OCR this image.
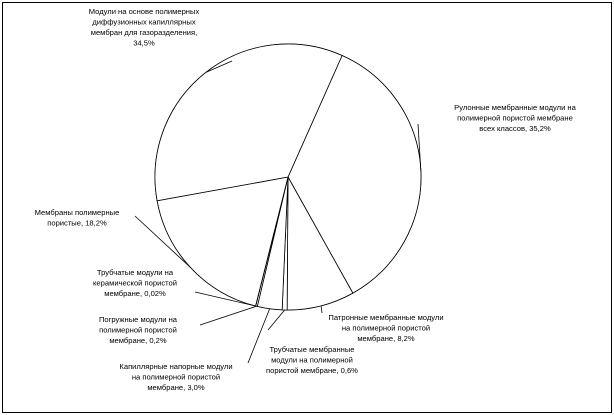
Рулонные мембранные модули на полимерной пористой мембране всех классов, 35,2%
Патронные мембранные модули на полимерной пористой мембране, 8,2%
Трубчатые мембранные модули на полимерной пористой мембране, 0,6%
Капиллярные напорные модули на полимерной пористой мембране, 3,0%
Погружные модули на полимерной пористой мембране, 0,2%
Трубчатые модули на керамической пористой мембране, 0,02%
Мембраны полимерные пористые, 18,2%
Модули на основе полимерных диффузионных капиллярных мембран для газоразделения, 34,5%
